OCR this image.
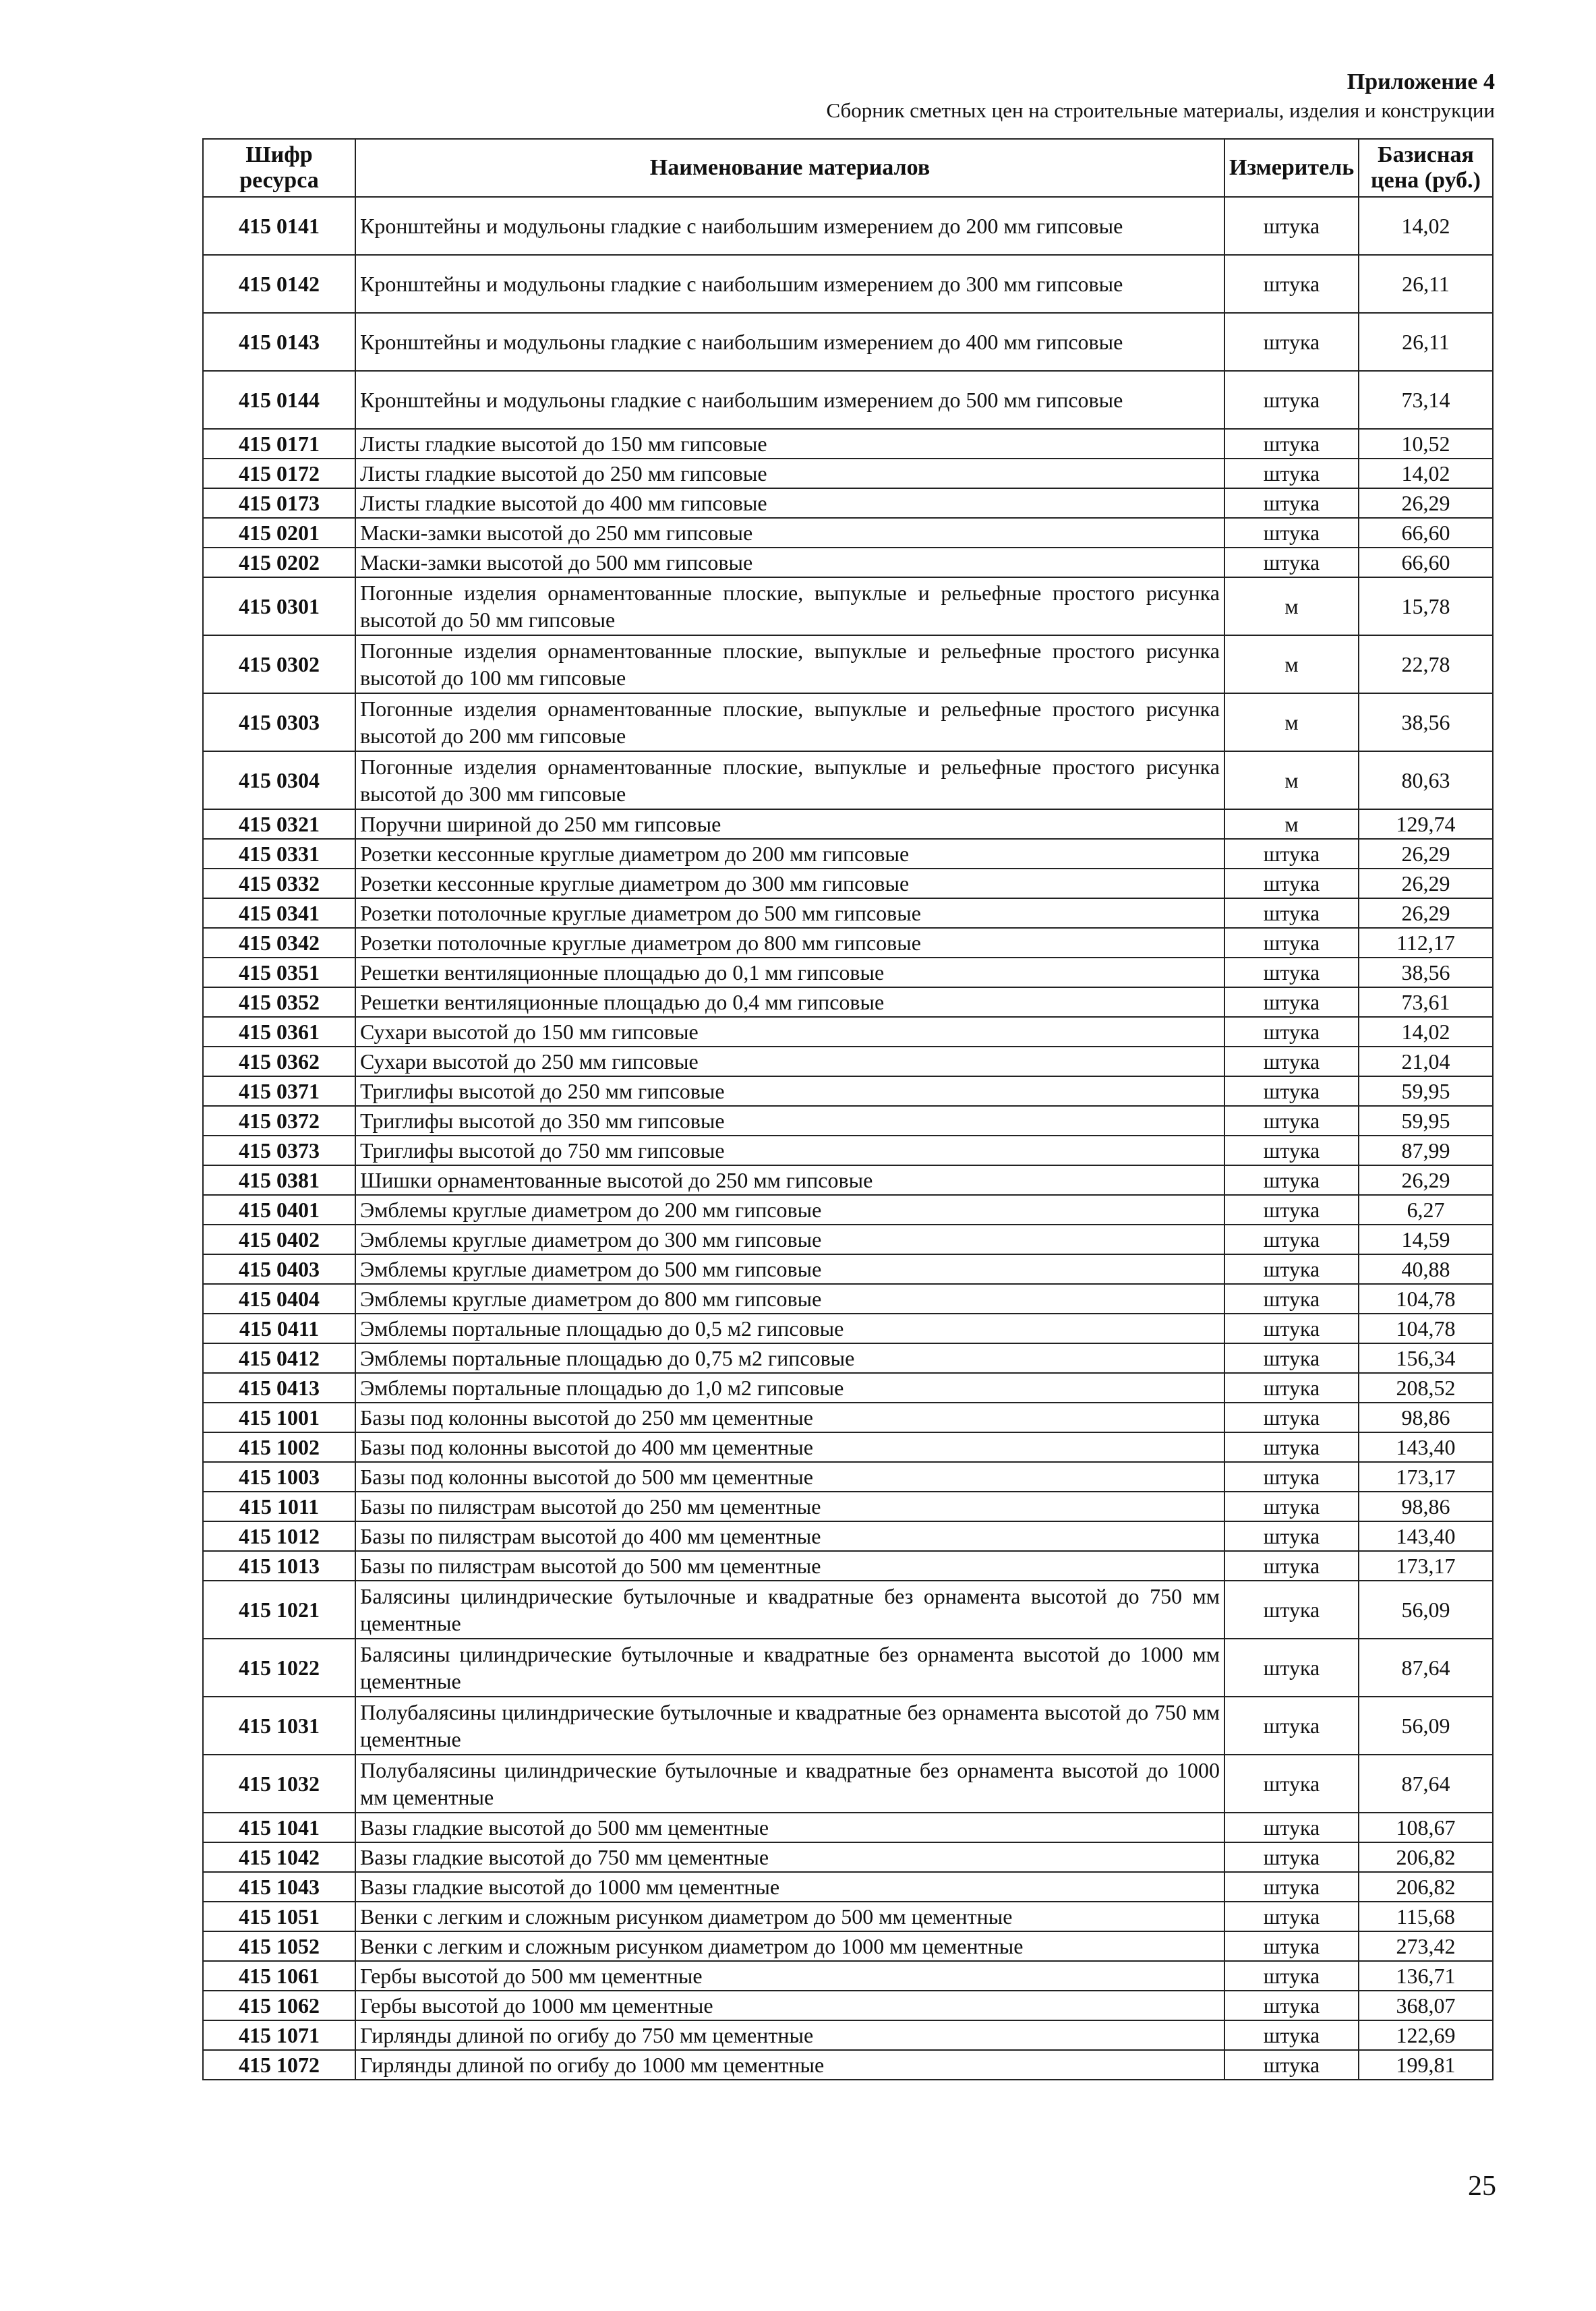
Приложение 4
Сборник сметных цен на строительные материалы, изделия и конструкции
Шифр ресурса	Наименование материалов	Измеритель	Базисная цена (руб.)
415 0141	Кронштейны и модульоны гладкие с наибольшим измерением до 200 мм гипсовые	штука	14,02
415 0142	Кронштейны и модульоны гладкие с наибольшим измерением до 300 мм гипсовые	штука	26,11
415 0143	Кронштейны и модульоны гладкие с наибольшим измерением до 400 мм гипсовые	штука	26,11
415 0144	Кронштейны и модульоны гладкие с наибольшим измерением до 500 мм гипсовые	штука	73,14
415 0171	Листы гладкие высотой до 150 мм гипсовые	штука	10,52
415 0172	Листы гладкие высотой до 250 мм гипсовые	штука	14,02
415 0173	Листы гладкие высотой до 400 мм гипсовые	штука	26,29
415 0201	Маски-замки высотой до 250 мм гипсовые	штука	66,60
415 0202	Маски-замки высотой до 500 мм гипсовые	штука	66,60
415 0301	Погонные изделия орнаментованные плоские, выпуклые и рельефные простого рисунка высотой до 50 мм гипсовые	м	15,78
415 0302	Погонные изделия орнаментованные плоские, выпуклые и рельефные простого рисунка высотой до 100 мм гипсовые	м	22,78
415 0303	Погонные изделия орнаментованные плоские, выпуклые и рельефные простого рисунка высотой до 200 мм гипсовые	м	38,56
415 0304	Погонные изделия орнаментованные плоские, выпуклые и рельефные простого рисунка высотой до 300 мм гипсовые	м	80,63
415 0321	Поручни шириной до 250 мм гипсовые	м	129,74
415 0331	Розетки кессонные круглые диаметром до 200 мм гипсовые	штука	26,29
415 0332	Розетки кессонные круглые диаметром до 300 мм гипсовые	штука	26,29
415 0341	Розетки потолочные круглые диаметром до 500 мм гипсовые	штука	26,29
415 0342	Розетки потолочные круглые диаметром до 800 мм гипсовые	штука	112,17
415 0351	Решетки вентиляционные площадью до 0,1 мм гипсовые	штука	38,56
415 0352	Решетки вентиляционные площадью до 0,4 мм гипсовые	штука	73,61
415 0361	Сухари высотой до 150 мм гипсовые	штука	14,02
415 0362	Сухари высотой до 250 мм гипсовые	штука	21,04
415 0371	Триглифы высотой до 250 мм гипсовые	штука	59,95
415 0372	Триглифы высотой до 350 мм гипсовые	штука	59,95
415 0373	Триглифы высотой до 750 мм гипсовые	штука	87,99
415 0381	Шишки орнаментованные высотой до 250 мм гипсовые	штука	26,29
415 0401	Эмблемы круглые диаметром до 200 мм гипсовые	штука	6,27
415 0402	Эмблемы круглые диаметром до 300 мм гипсовые	штука	14,59
415 0403	Эмблемы круглые диаметром до 500 мм гипсовые	штука	40,88
415 0404	Эмблемы круглые диаметром до 800 мм гипсовые	штука	104,78
415 0411	Эмблемы портальные площадью до 0,5 м2 гипсовые	штука	104,78
415 0412	Эмблемы портальные площадью до 0,75 м2 гипсовые	штука	156,34
415 0413	Эмблемы портальные площадью до 1,0 м2 гипсовые	штука	208,52
415 1001	Базы под колонны высотой до 250 мм цементные	штука	98,86
415 1002	Базы под колонны высотой до 400 мм цементные	штука	143,40
415 1003	Базы под колонны высотой до 500 мм цементные	штука	173,17
415 1011	Базы по пилястрам высотой до 250 мм цементные	штука	98,86
415 1012	Базы по пилястрам высотой до 400 мм цементные	штука	143,40
415 1013	Базы по пилястрам высотой до 500 мм цементные	штука	173,17
415 1021	Балясины цилиндрические бутылочные и квадратные без орнамента высотой до 750 мм цементные	штука	56,09
415 1022	Балясины цилиндрические бутылочные и квадратные без орнамента высотой до 1000 мм цементные	штука	87,64
415 1031	Полубалясины цилиндрические бутылочные и квадратные без орнамента высотой до 750 мм цементные	штука	56,09
415 1032	Полубалясины цилиндрические бутылочные и квадратные без орнамента высотой до 1000 мм цементные	штука	87,64
415 1041	Вазы гладкие высотой до 500 мм цементные	штука	108,67
415 1042	Вазы гладкие высотой до 750 мм цементные	штука	206,82
415 1043	Вазы гладкие высотой до 1000 мм цементные	штука	206,82
415 1051	Венки с легким и сложным рисунком диаметром до 500 мм цементные	штука	115,68
415 1052	Венки с легким и сложным рисунком диаметром до 1000 мм цементные	штука	273,42
415 1061	Гербы высотой до 500 мм цементные	штука	136,71
415 1062	Гербы высотой до 1000 мм цементные	штука	368,07
415 1071	Гирлянды длиной по огибу до 750 мм цементные	штука	122,69
415 1072	Гирлянды длиной по огибу до 1000 мм цементные	штука	199,81
25
